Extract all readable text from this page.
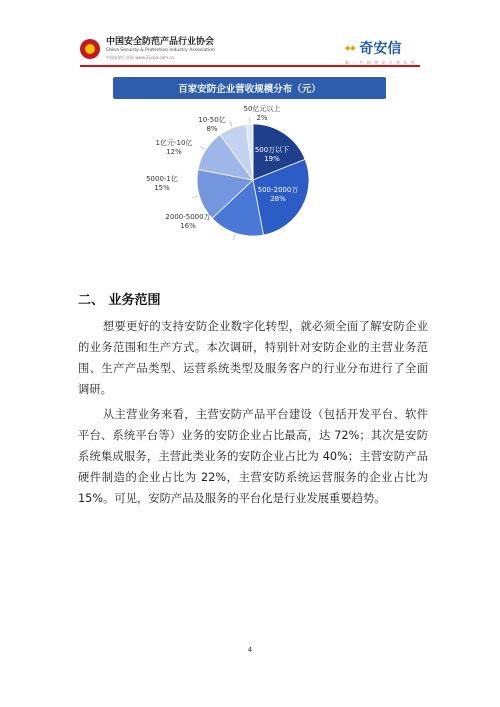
中国安全防范产品行业协会
China Security & Protection Industry Association
中国安防行业网 www.21cpa.com.cn
◆◆ 奇安信
新 一 代 网 络 安 全 领 军 者
百家安防企业营收规模分布（元）
500万以下
19%
500-2000万
28%
2000-5000万
16%
5000-1亿
15%
1亿元-10亿
12%
10-50亿
8%
50亿元以上
2%
二、 业务范围

想要更好的支持安防企业数字化转型，就必须全面了解安防企业的业务范围和生产方式。本次调研，特别针对安防企业的主营业务范围、生产产品类型、运营系统类型及服务客户的行业分布进行了全面调研。

从主营业务来看，主营安防产品平台建设（包括开发平台、软件平台、系统平台等）业务的安防企业占比最高，达 72%；其次是安防系统集成服务，主营此类业务的安防企业占比为 40%；主营安防产品硬件制造的企业占比为 22%，主营安防系统运营服务的企业占比为 15%。可见，安防产品及服务的平台化是行业发展重要趋势。

4
